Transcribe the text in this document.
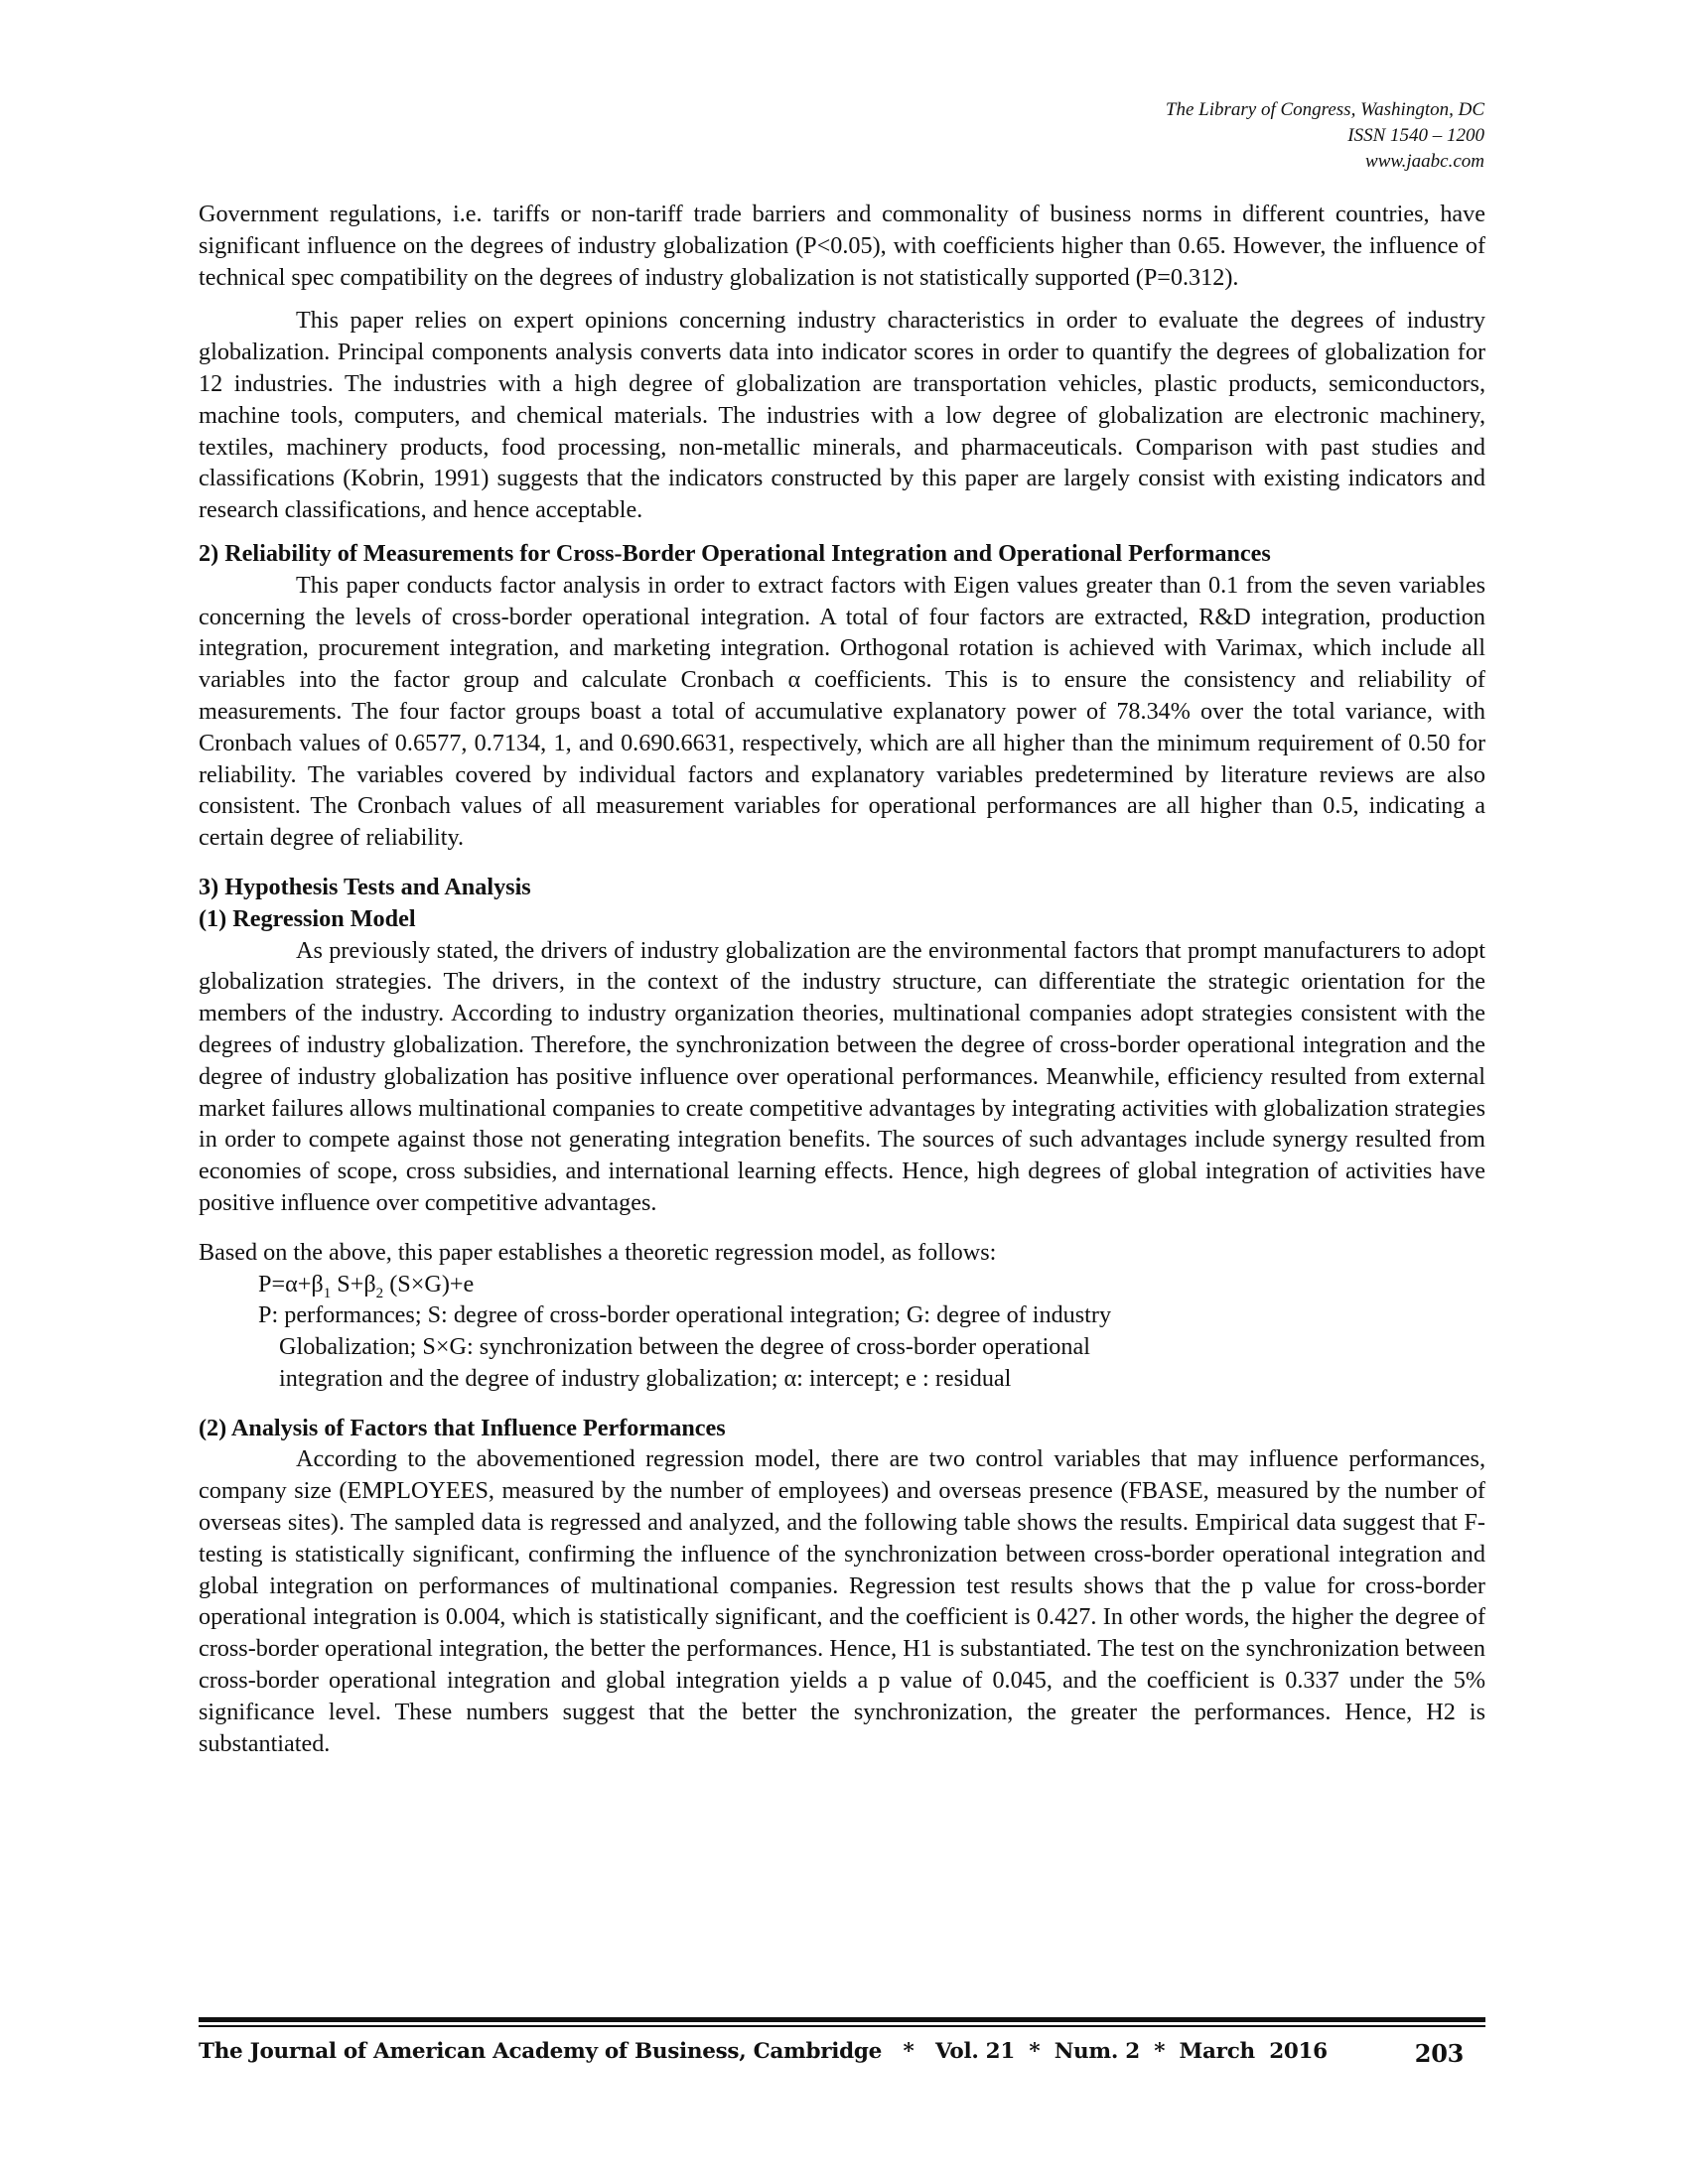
The Library of Congress, Washington, DC
ISSN 1540 – 1200
www.jaabc.com

Government regulations, i.e. tariffs or non-tariff trade barriers and commonality of business norms in different countries, have significant influence on the degrees of industry globalization (P<0.05), with coefficients higher than 0.65. However, the influence of technical spec compatibility on the degrees of industry globalization is not statistically supported (P=0.312).

This paper relies on expert opinions concerning industry characteristics in order to evaluate the degrees of industry globalization. Principal components analysis converts data into indicator scores in order to quantify the degrees of globalization for 12 industries. The industries with a high degree of globalization are transportation vehicles, plastic products, semiconductors, machine tools, computers, and chemical materials. The industries with a low degree of globalization are electronic machinery, textiles, machinery products, food processing, non-metallic minerals, and pharmaceuticals. Comparison with past studies and classifications (Kobrin, 1991) suggests that the indicators constructed by this paper are largely consist with existing indicators and research classifications, and hence acceptable.

2) Reliability of Measurements for Cross-Border Operational Integration and Operational Performances

This paper conducts factor analysis in order to extract factors with Eigen values greater than 0.1 from the seven variables concerning the levels of cross-border operational integration. A total of four factors are extracted, R&D integration, production integration, procurement integration, and marketing integration. Orthogonal rotation is achieved with Varimax, which include all variables into the factor group and calculate Cronbach α coefficients. This is to ensure the consistency and reliability of measurements. The four factor groups boast a total of accumulative explanatory power of 78.34% over the total variance, with Cronbach values of 0.6577, 0.7134, 1, and 0.690.6631, respectively, which are all higher than the minimum requirement of 0.50 for reliability. The variables covered by individual factors and explanatory variables predetermined by literature reviews are also consistent. The Cronbach values of all measurement variables for operational performances are all higher than 0.5, indicating a certain degree of reliability.

3) Hypothesis Tests and Analysis
(1) Regression Model

As previously stated, the drivers of industry globalization are the environmental factors that prompt manufacturers to adopt globalization strategies. The drivers, in the context of the industry structure, can differentiate the strategic orientation for the members of the industry. According to industry organization theories, multinational companies adopt strategies consistent with the degrees of industry globalization. Therefore, the synchronization between the degree of cross-border operational integration and the degree of industry globalization has positive influence over operational performances. Meanwhile, efficiency resulted from external market failures allows multinational companies to create competitive advantages by integrating activities with globalization strategies in order to compete against those not generating integration benefits. The sources of such advantages include synergy resulted from economies of scope, cross subsidies, and international learning effects. Hence, high degrees of global integration of activities have positive influence over competitive advantages.

Based on the above, this paper establishes a theoretic regression model, as follows:

$P=\alpha+\beta_1$ $S+\beta_2$ (S×G)+e
P: performances; S: degree of cross-border operational integration; G: degree of industry
Globalization; S×G: synchronization between the degree of cross-border operational
integration and the degree of industry globalization; α: intercept; e : residual
(2) Analysis of Factors that Influence Performances

According to the abovementioned regression model, there are two control variables that may influence performances, company size (EMPLOYEES, measured by the number of employees) and overseas presence (FBASE, measured by the number of overseas sites). The sampled data is regressed and analyzed, and the following table shows the results. Empirical data suggest that F-testing is statistically significant, confirming the influence of the synchronization between cross-border operational integration and global integration on performances of multinational companies. Regression test results shows that the p value for cross-border operational integration is 0.004, which is statistically significant, and the coefficient is 0.427. In other words, the higher the degree of cross-border operational integration, the better the performances. Hence, H1 is substantiated. The test on the synchronization between cross-border operational integration and global integration yields a p value of 0.045, and the coefficient is 0.337 under the 5% significance level. These numbers suggest that the better the synchronization, the greater the performances. Hence, H2 is substantiated.

The Journal of American Academy of Business, Cambridge   *   Vol. 21  *  Num. 2  *  March  2016	203
